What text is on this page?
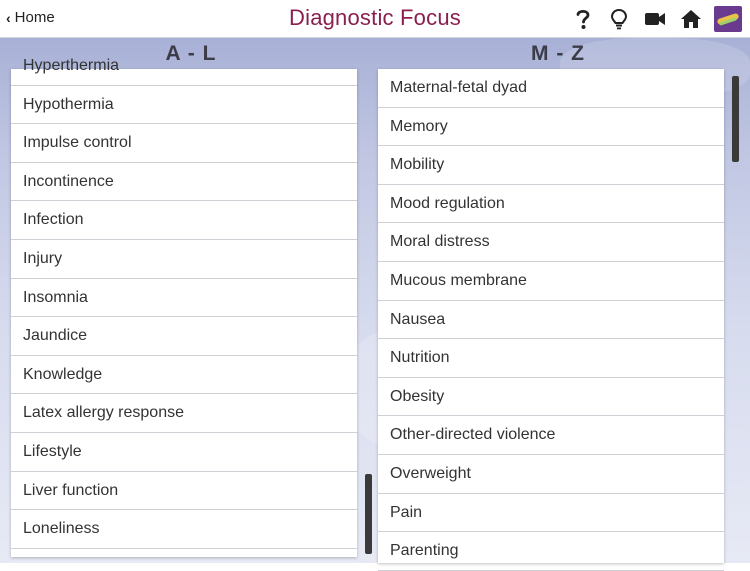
‹ Home	Diagnostic Focus
A - L	M - Z
Hyperthermia
Hypothermia
Impulse control
Incontinence
Infection
Injury
Insomnia
Jaundice
Knowledge
Latex allergy response
Lifestyle
Liver function
Loneliness
Maternal-fetal dyad
Memory
Mobility
Mood regulation
Moral distress
Mucous membrane
Nausea
Nutrition
Obesity
Other-directed violence
Overweight
Pain
Parenting
